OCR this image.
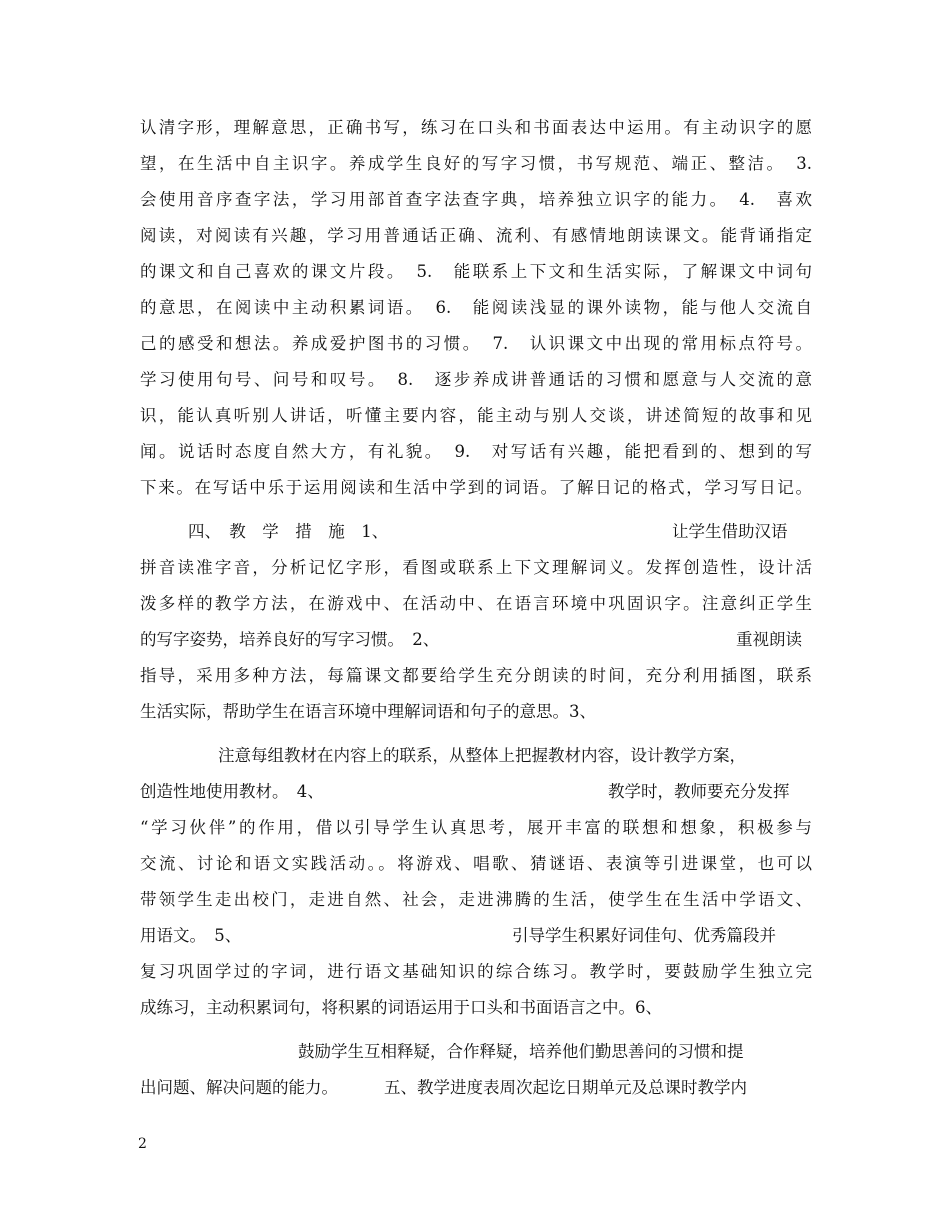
认清字形，理解意思，正确书写，练习在口头和书面表达中运用。有主动识字的愿
望，在生活中自主识字。养成学生良好的写字习惯，书写规范、端正、整洁。　3.
会使用音序查字法，学习用部首查字法查字典，培养独立识字的能力。　4.　喜欢
阅读，对阅读有兴趣，学习用普通话正确、流利、有感情地朗读课文。能背诵指定
的课文和自己喜欢的课文片段。　5.　能联系上下文和生活实际，了解课文中词句
的意思，在阅读中主动积累词语。　6.　能阅读浅显的课外读物，能与他人交流自
己的感受和想法。养成爱护图书的习惯。　7.　认识课文中出现的常用标点符号。
学习使用句号、问号和叹号。　8.　逐步养成讲普通话的习惯和愿意与人交流的意
识，能认真听别人讲话，听懂主要内容，能主动与别人交谈，讲述简短的故事和见
闻。说话时态度自然大方，有礼貌。　9.　对写话有兴趣，能把看到的、想到的写
下来。在写话中乐于运用阅读和生活中学到的词语。了解日记的格式，学习写日记。
四、　教　学　措　施　1、	让学生借助汉语
拼音读准字音，分析记忆字形，看图或联系上下文理解词义。发挥创造性，设计活
泼多样的教学方法，在游戏中、在活动中、在语言环境中巩固识字。注意纠正学生
的写字姿势，培养良好的写字习惯。　2、	重视朗读
指导，采用多种方法，每篇课文都要给学生充分朗读的时间，充分利用插图，联系
生活实际，帮助学生在语言环境中理解词语和句子的意思。3、
注意每组教材在内容上的联系，从整体上把握教材内容，设计教学方案，
创造性地使用教材。　4、	教学时，教师要充分发挥
“学习伙伴”的作用，借以引导学生认真思考，展开丰富的联想和想象，积极参与
交流、讨论和语文实践活动。。将游戏、唱歌、猜谜语、表演等引进课堂，也可以
带领学生走出校门，走进自然、社会，走进沸腾的生活，使学生在生活中学语文、
用语文。　5、	引导学生积累好词佳句、优秀篇段并
复习巩固学过的字词，进行语文基础知识的综合练习。教学时，要鼓励学生独立完
成练习，主动积累词句，将积累的词语运用于口头和书面语言之中。6、
鼓励学生互相释疑，合作释疑，培养他们勤思善问的习惯和提
出问题、解决问题的能力。	五、教学进度表周次起讫日期单元及总课时教学内
2
